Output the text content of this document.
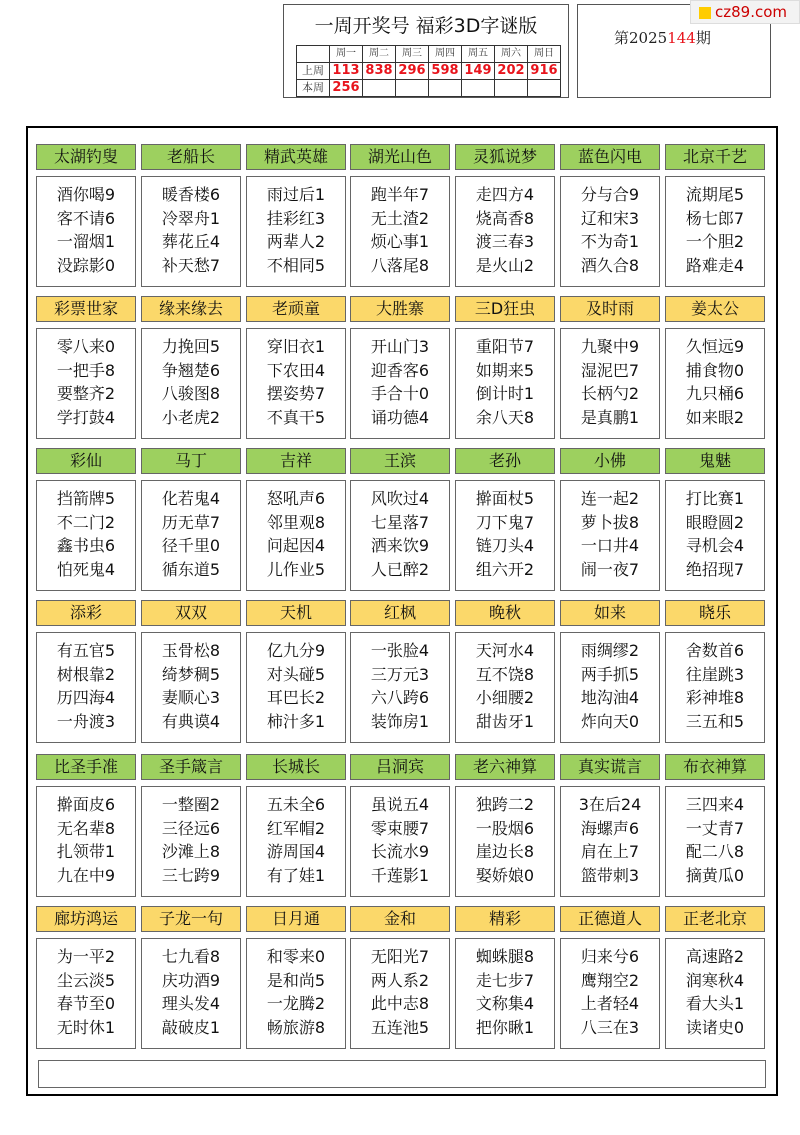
一周开奖号 福彩3D字谜版
	周一	周二	周三	周四	周五	周六	周日
上周	113	838	296	598	149	202	916
本周	256						
第2025144期
cz89.com
太湖钓叟
酒你喝9
客不请6
一溜烟1
没踪影0
老船长
暖香楼6
冷翠舟1
葬花丘4
补天愁7
精武英雄
雨过后1
挂彩红3
两辈人2
不相同5
湖光山色
跑半年7
无土渣2
烦心事1
八落尾8
灵狐说梦
走四方4
烧高香8
渡三春3
是火山2
蓝色闪电
分与合9
辽和宋3
不为奇1
酒久合8
北京千艺
流期尾5
杨七郎7
一个胆2
路难走4
彩票世家
零八来0
一把手8
要整齐2
学打鼓4
缘来缘去
力挽回5
争翘楚6
八骏图8
小老虎2
老顽童
穿旧衣1
下农田4
摆姿势7
不真干5
大胜寨
开山门3
迎香客6
手合十0
诵功德4
三D狂虫
重阳节7
如期来5
倒计时1
余八天8
及时雨
九聚中9
湿泥巴7
长柄勺2
是真鹏1
姜太公
久恒远9
捕食物0
九只桶6
如来眼2
彩仙
挡箭牌5
不二门2
鑫书虫6
怕死鬼4
马丁
化若鬼4
历无草7
径千里0
循东道5
吉祥
怒吼声6
邻里观8
问起因4
儿作业5
王滨
风吹过4
七星落7
洒来饮9
人已醉2
老孙
擀面杖5
刀下鬼7
链刀头4
组六开2
小佛
连一起2
萝卜拔8
一口井4
闹一夜7
鬼魅
打比赛1
眼瞪圆2
寻机会4
绝招现7
添彩
有五官5
树根靠2
历四海4
一舟渡3
双双
玉骨松8
绮梦稠5
妻顺心3
有典谟4
天机
亿九分9
对头碰5
耳巴长2
柿汁多1
红枫
一张脸4
三万元3
六八跨6
装饰房1
晚秋
天河水4
互不饶8
小细腰2
甜齿牙1
如来
雨绸缪2
两手抓5
地沟油4
炸向天0
晓乐
舍数首6
往崖跳3
彩神堆8
三五和5
比圣手准
擀面皮6
无名辈8
扎领带1
九在中9
圣手箴言
一整圈2
三径远6
沙滩上8
三七跨9
长城长
五未全6
红军帽2
游周国4
有了娃1
吕洞宾
虽说五4
零束腰7
长流水9
千莲影1
老六神算
独跨二2
一股烟6
崖边长8
娶娇娘0
真实谎言
3在后24
海螺声6
肩在上7
篮带刺3
布衣神算
三四来4
一丈青7
配二八8
摘黄瓜0
廊坊鸿运
为一平2
尘云淡5
春节至0
无时休1
子龙一句
七九看8
庆功酒9
理头发4
敲破皮1
日月通
和零来0
是和尚5
一龙腾2
畅旅游8
金和
无阳光7
两人系2
此中志8
五连池5
精彩
蜘蛛腿8
走七步7
文称集4
把你瞅1
正德道人
归来兮6
鹰翔空2
上者轻4
八三在3
正老北京
高速路2
润寒秋4
看大头1
读诸史0
